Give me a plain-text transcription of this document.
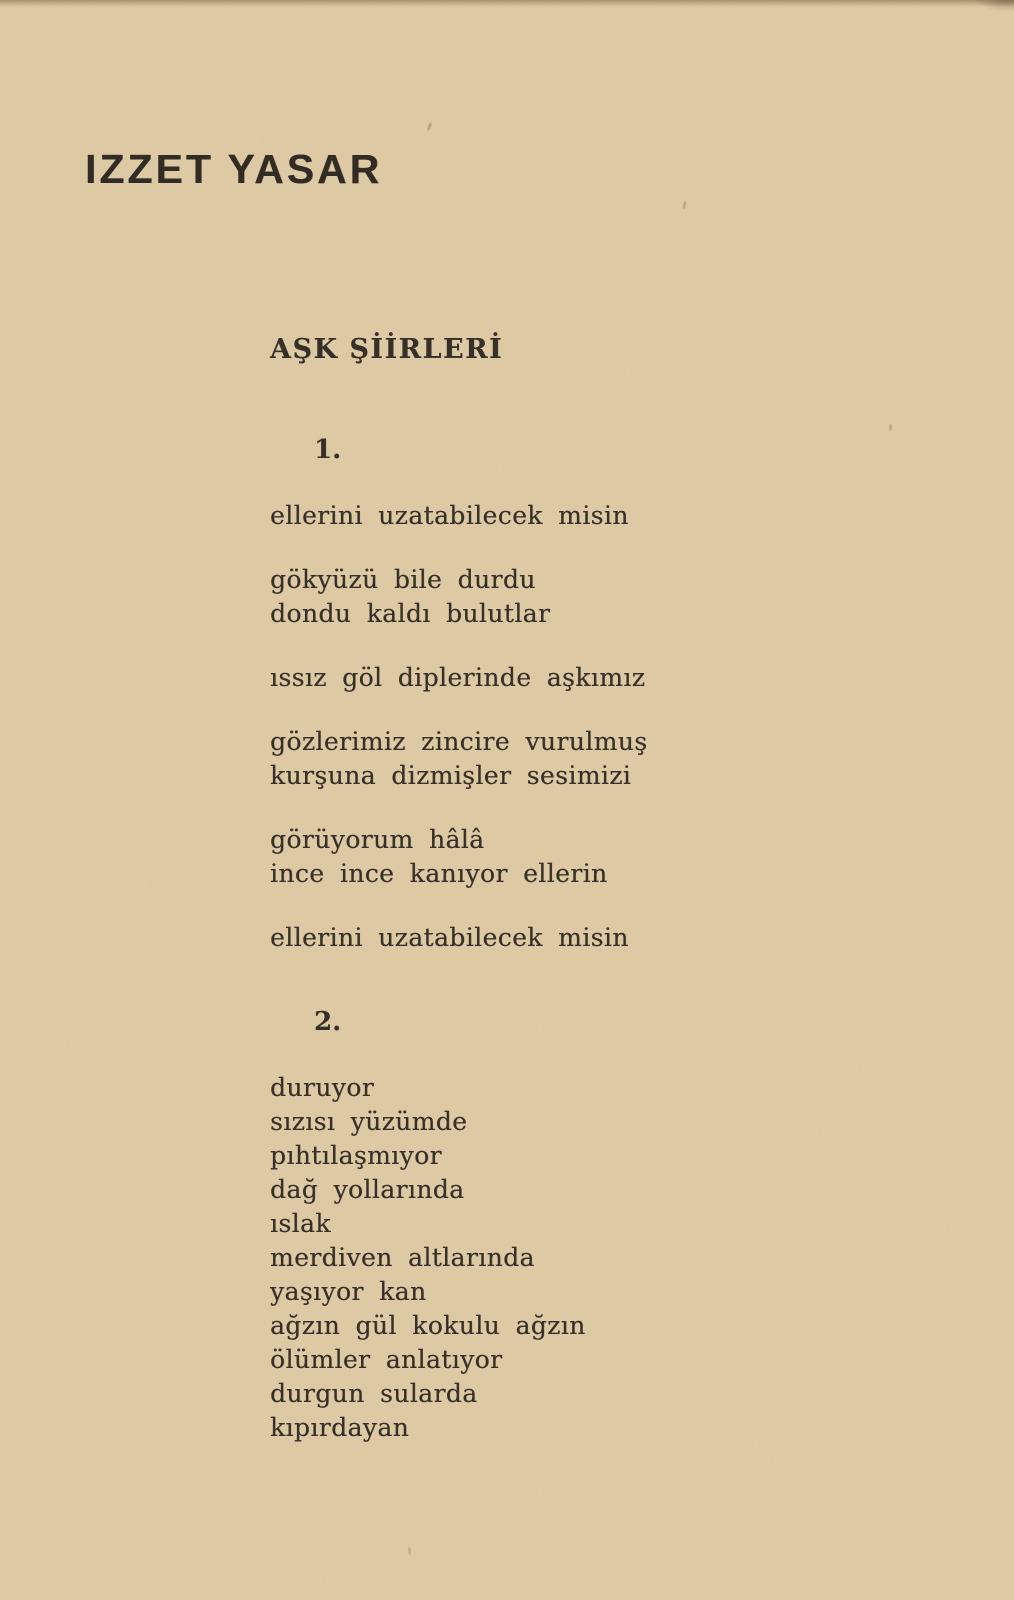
IZZET YASAR
AŞK ŞİİRLERİ
1.
ellerini uzatabilecek misin
gökyüzü bile durdu
dondu kaldı bulutlar
ıssız göl diplerinde aşkımız
gözlerimiz zincire vurulmuş
kurşuna dizmişler sesimizi
görüyorum hâlâ
ince ince kanıyor ellerin
ellerini uzatabilecek misin
2.
duruyor
sızısı yüzümde
pıhtılaşmıyor
dağ yollarında
ıslak
merdiven altlarında
yaşıyor kan
ağzın gül kokulu ağzın
ölümler anlatıyor
durgun sularda
kıpırdayan
